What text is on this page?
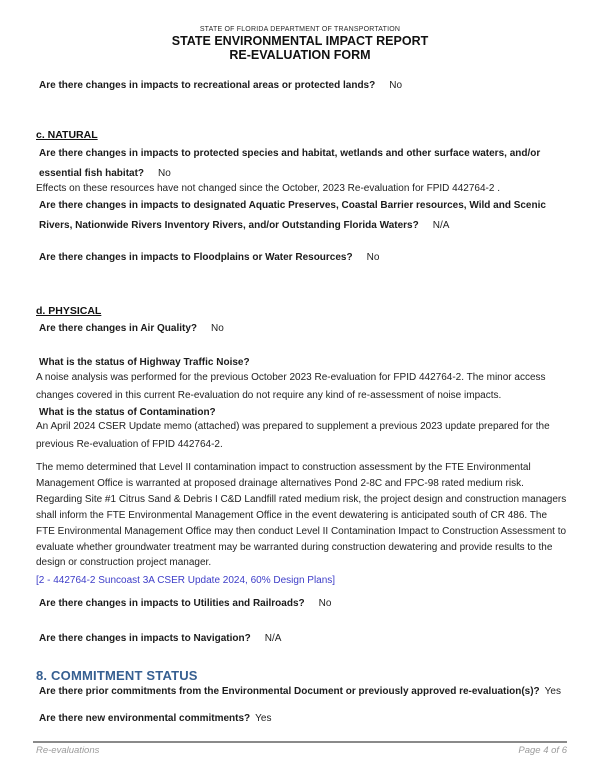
STATE OF FLORIDA DEPARTMENT OF TRANSPORTATION
STATE ENVIRONMENTAL IMPACT REPORT
RE-EVALUATION FORM
Are there changes in impacts to recreational areas or protected lands? No
c. NATURAL
Are there changes in impacts to protected species and habitat, wetlands and other surface waters, and/or essential fish habitat? No
Effects on these resources have not changed since the October, 2023 Re-evaluation for FPID 442764-2 .
Are there changes in impacts to designated Aquatic Preserves, Coastal Barrier resources, Wild and Scenic Rivers, Nationwide Rivers Inventory Rivers, and/or Outstanding Florida Waters? N/A
Are there changes in impacts to Floodplains or Water Resources? No
d. PHYSICAL
Are there changes in Air Quality? No
What is the status of Highway Traffic Noise?
A noise analysis was performed for the previous October 2023 Re-evaluation for FPID 442764-2. The minor access changes covered in this current Re-evaluation do not require any kind of re-assessment of noise impacts.
What is the status of Contamination?
An April 2024 CSER Update memo (attached) was prepared to supplement a previous 2023 update prepared for the previous Re-evaluation of FPID 442764-2.

The memo determined that Level II contamination impact to construction assessment by the FTE Environmental Management Office is warranted at proposed drainage alternatives Pond 2-8C and FPC-98 rated medium risk. Regarding Site #1 Citrus Sand & Debris I C&D Landfill rated medium risk, the project design and construction managers shall inform the FTE Environmental Management Office in the event dewatering is anticipated south of CR 486. The FTE Environmental Management Office may then conduct Level II Contamination Impact to Construction Assessment to evaluate whether groundwater treatment may be warranted during construction dewatering and provide results to the design or construction project manager.

[2 - 442764-2 Suncoast 3A CSER Update 2024, 60% Design Plans]
Are there changes in impacts to Utilities and Railroads? No
Are there changes in impacts to Navigation? N/A
8. COMMITMENT STATUS
Are there prior commitments from the Environmental Document or previously approved re-evaluation(s)? Yes
Are there new environmental commitments? Yes
Re-evaluations	Page 4 of 6
